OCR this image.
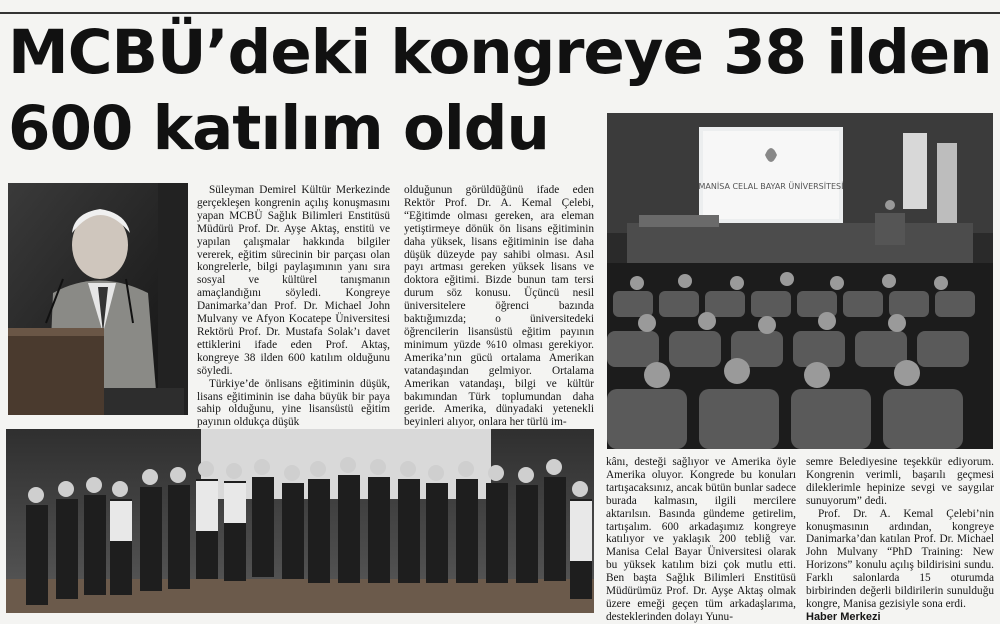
MCBÜ’deki kongreye 38 ilden
600 katılım oldu
MANİSA CELAL BAYAR ÜNİVERSİTESİ

Süleyman Demirel Kültür Merkezinde gerçekleşen kongrenin açılış konuşmasını yapan MCBÜ Sağlık Bilimleri Enstitüsü Müdürü Prof. Dr. Ayşe Aktaş, enstitü ve yapılan çalışmalar hakkında bilgiler vererek, eğitim sürecinin bir parçası olan kongrelerle, bilgi paylaşımının yanı sıra sosyal ve kültürel tanışmanın amaçlandığını söyledi. Kongreye Danimarka’dan Prof. Dr. Michael John Mulvany ve Afyon Kocatepe Üniversitesi Rektörü Prof. Dr. Mustafa Solak’ı davet ettiklerini ifade eden Prof. Aktaş, kongreye 38 ilden 600 katılım olduğunu söyledi.

Türkiye’de önlisans eğitiminin düşük, lisans eğitiminin ise daha büyük bir paya sahip olduğunu, yine lisansüstü eğitim payının oldukça düşük

olduğunun görüldüğünü ifade eden Rektör Prof. Dr. A. Kemal Çelebi, “Eğitimde olması gereken, ara eleman yetiştirmeye dönük ön lisans eğitiminin daha yüksek, lisans eğitiminin ise daha düşük düzeyde pay sahibi olması. Asıl payı artması gereken yüksek lisans ve doktora eğitimi. Bizde bunun tam tersi durum söz konusu. Üçüncü nesil üniversitelere öğrenci bazında baktığımızda; o üniversitedeki öğrencilerin lisansüstü eğitim payının minimum yüzde %10 olması gerekiyor. Amerika’nın gücü ortalama Amerikan vatandaşından gelmiyor. Ortalama Amerikan vatandaşı, bilgi ve kültür bakımından Türk toplumundan daha geride. Amerika, dünyadaki yetenekli beyinleri alıyor, onlara her türlü im-

kânı, desteği sağlıyor ve Amerika öyle Amerika oluyor. Kongrede bu konuları tartışacaksınız, ancak bütün bunlar sadece burada kalmasın, ilgili mercilere aktarılsın. Basında gündeme getirelim, tartışalım. 600 arkadaşımız kongreye katılıyor ve yaklaşık 200 tebliğ var. Manisa Celal Bayar Üniversitesi olarak bu yüksek katılım bizi çok mutlu etti. Ben başta Sağlık Bilimleri Enstitüsü Müdürümüz Prof. Dr. Ayşe Aktaş olmak üzere emeği geçen tüm arkadaşlarıma, desteklerinden dolayı Yunu-

semre Belediyesine teşekkür ediyorum. Kongrenin verimli, başarılı geçmesi dileklerimle hepinize sevgi ve saygılar sunuyorum” dedi.

Prof. Dr. A. Kemal Çelebi’nin konuşmasının ardından, kongreye Danimarka’dan katılan Prof. Dr. Michael John Mulvany “PhD Training: New Horizons” konulu açılış bildirisini sundu. Farklı salonlarda 15 oturumda birbirinden değerli bildirilerin sunulduğu kongre, Manisa gezisiyle sona erdi.

Haber Merkezi
